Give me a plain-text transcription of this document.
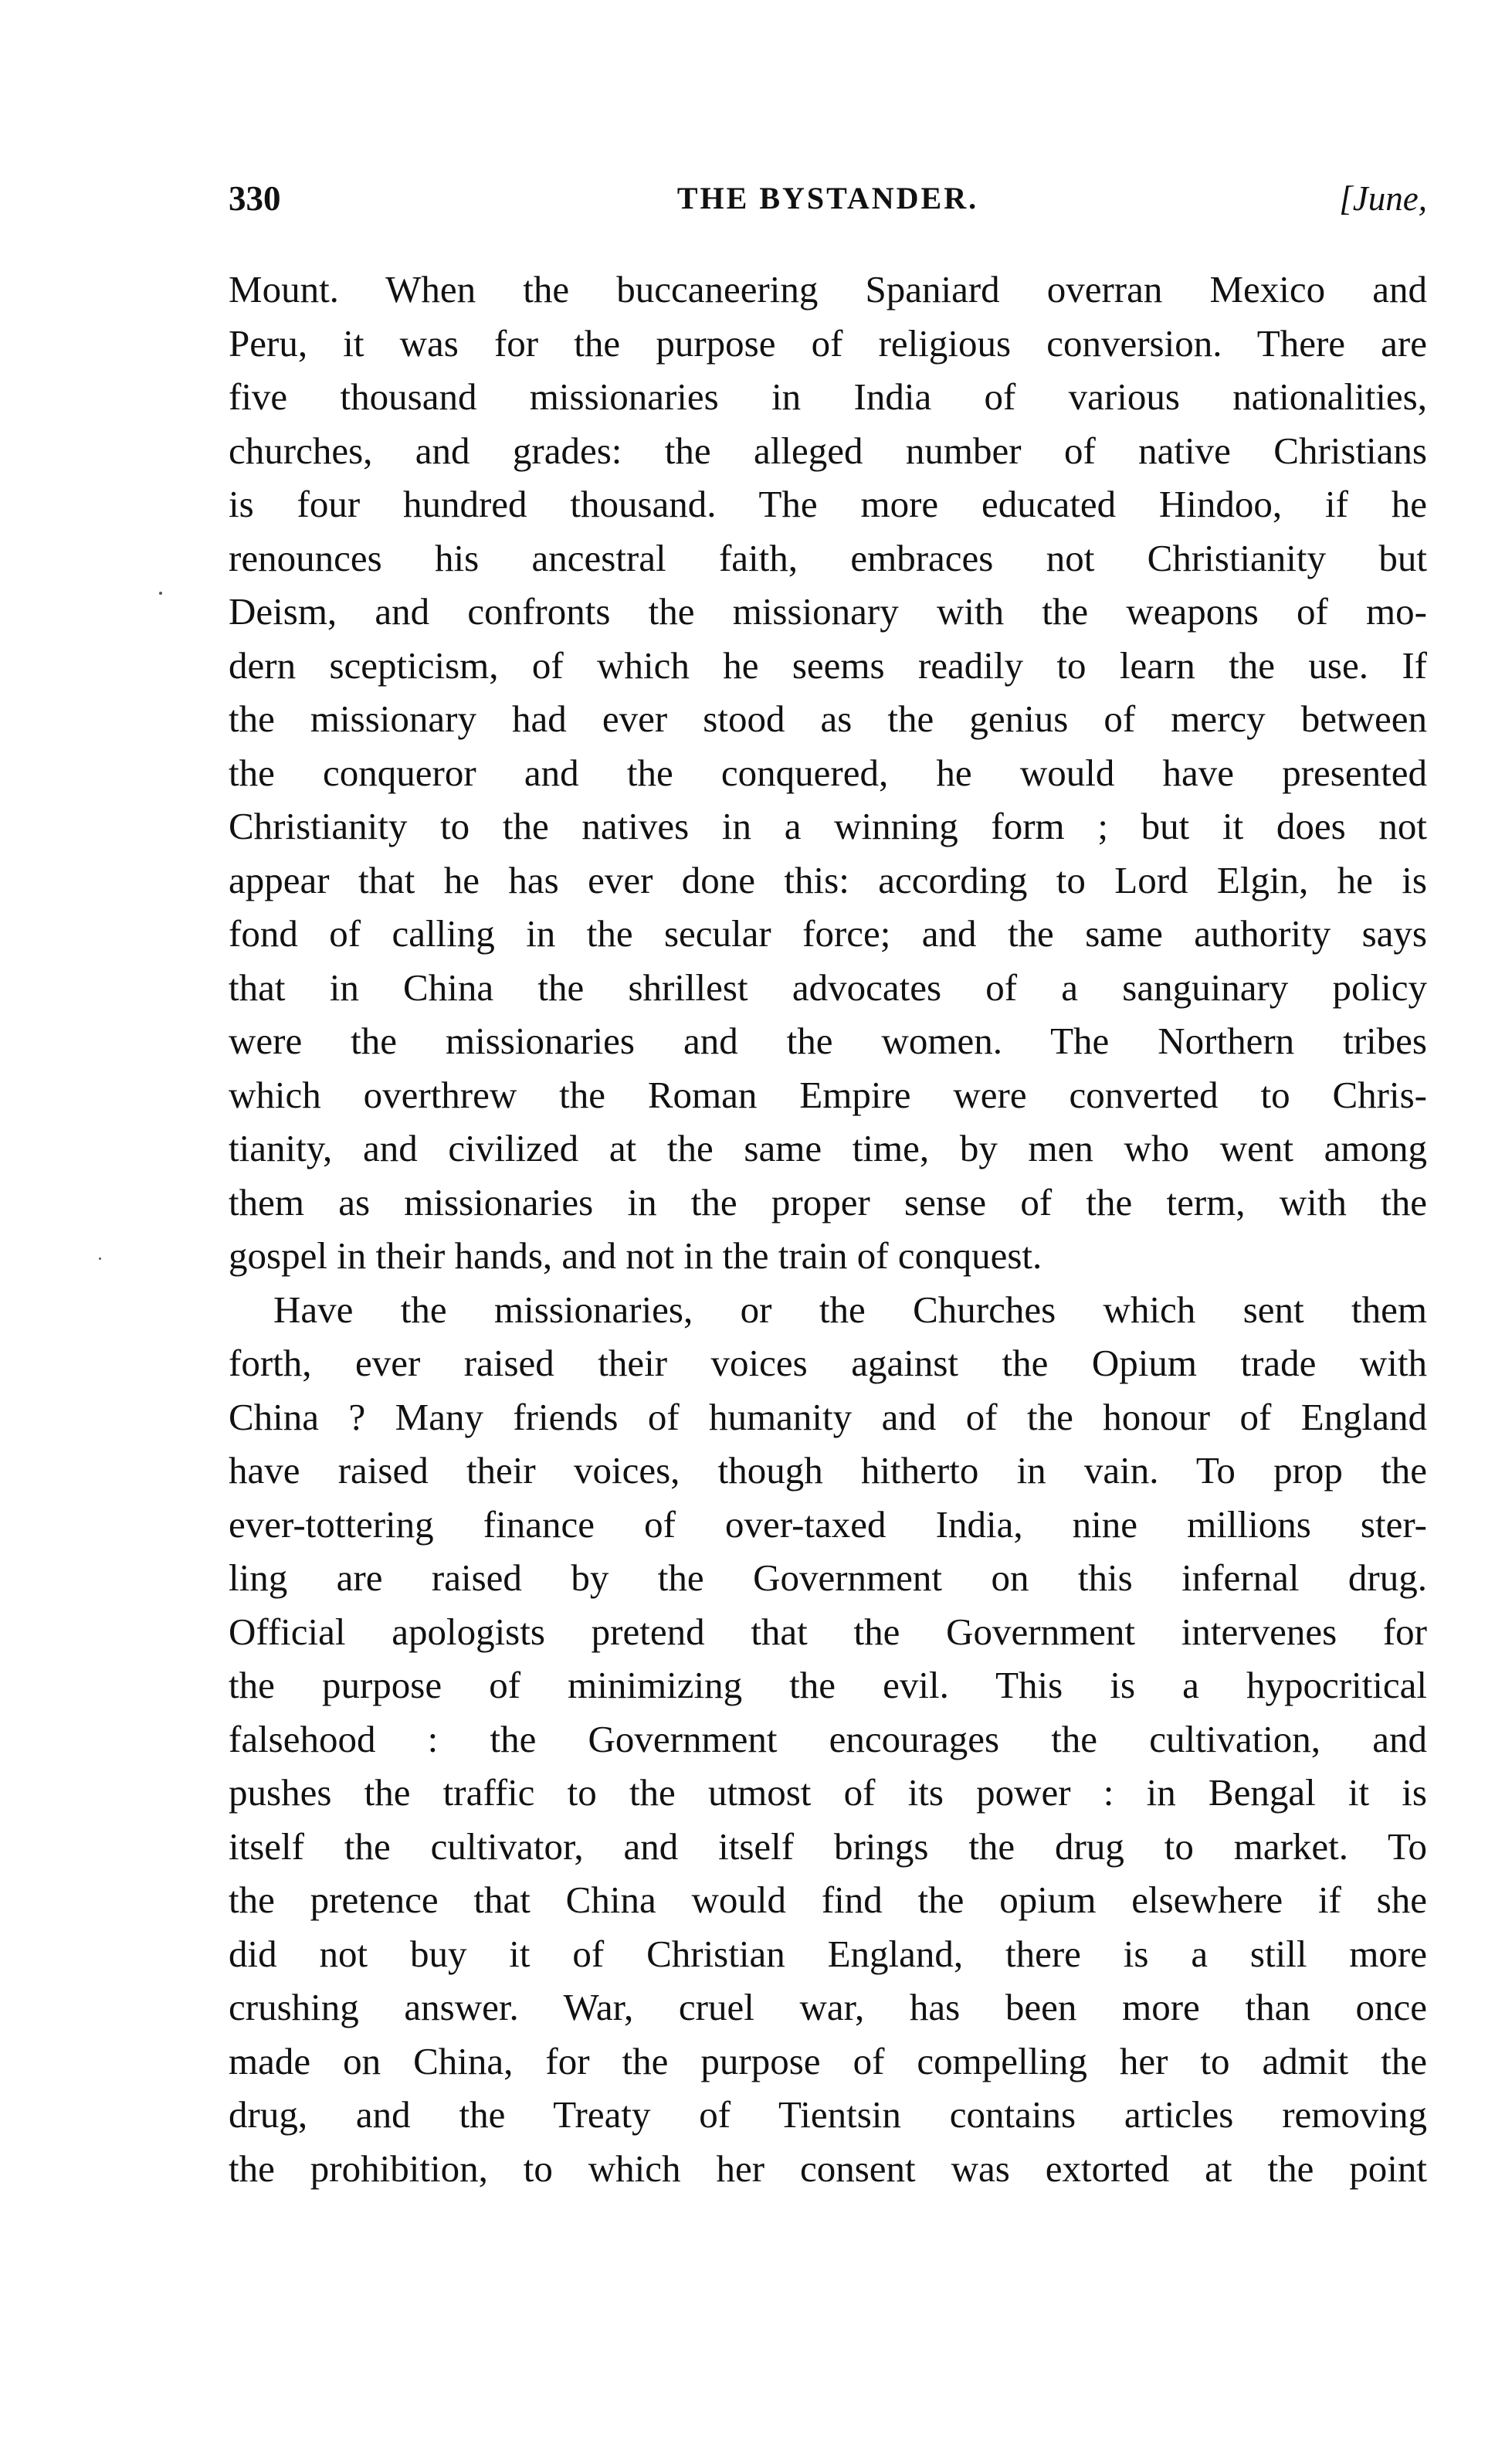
330	THE BYSTANDER.	[June,
Mount. When the buccaneering Spaniard overran Mexico and
Peru, it was for the purpose of religious conversion. There are
five thousand missionaries in India of various nationalities,
churches, and grades: the alleged number of native Christians
is four hundred thousand. The more educated Hindoo, if he
renounces his ancestral faith, embraces not Christianity but
Deism, and confronts the missionary with the weapons of mo-
dern scepticism, of which he seems readily to learn the use. If
the missionary had ever stood as the genius of mercy between
the conqueror and the conquered, he would have presented
Christianity to the natives in a winning form ; but it does not
appear that he has ever done this: according to Lord Elgin, he is
fond of calling in the secular force; and the same authority says
that in China the shrillest advocates of a sanguinary policy
were the missionaries and the women. The Northern tribes
which overthrew the Roman Empire were converted to Chris-
tianity, and civilized at the same time, by men who went among
them as missionaries in the proper sense of the term, with the
gospel in their hands, and not in the train of conquest.
Have the missionaries, or the Churches which sent them
forth, ever raised their voices against the Opium trade with
China ? Many friends of humanity and of the honour of England
have raised their voices, though hitherto in vain. To prop the
ever-tottering finance of over-taxed India, nine millions ster-
ling are raised by the Government on this infernal drug.
Official apologists pretend that the Government intervenes for
the purpose of minimizing the evil. This is a hypocritical
falsehood : the Government encourages the cultivation, and
pushes the traffic to the utmost of its power : in Bengal it is
itself the cultivator, and itself brings the drug to market. To
the pretence that China would find the opium elsewhere if she
did not buy it of Christian England, there is a still more
crushing answer. War, cruel war, has been more than once
made on China, for the purpose of compelling her to admit the
drug, and the Treaty of Tientsin contains articles removing
the prohibition, to which her consent was extorted at the point
